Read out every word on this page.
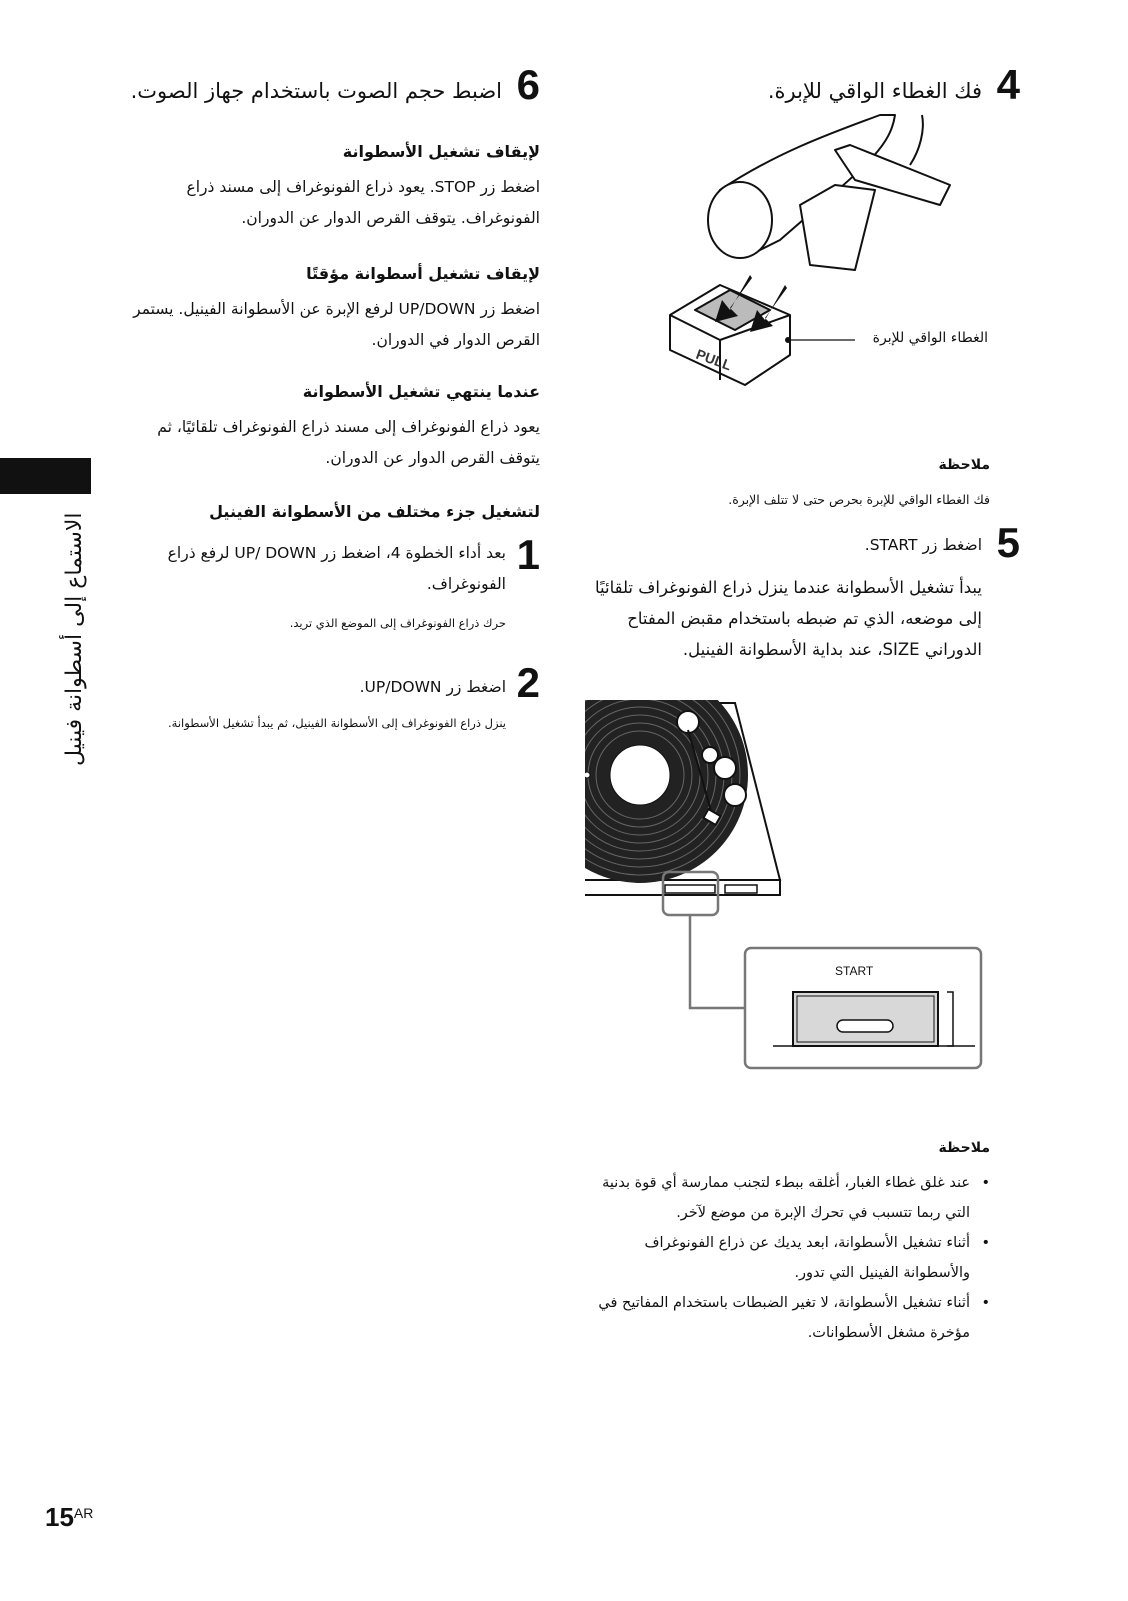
الاستماع إلى أسطوانة فينيل
6
اضبط حجم الصوت باستخدام جهاز الصوت.
لإيقاف تشغيل الأسطوانة
اضغط زر STOP. يعود ذراع الفونوغراف إلى مسند ذراع
الفونوغراف. يتوقف القرص الدوار عن الدوران.
لإيقاف تشغيل أسطوانة مؤقتًا
اضغط زر UP/DOWN لرفع الإبرة عن الأسطوانة الفينيل. يستمر
القرص الدوار في الدوران.
عندما ينتهي تشغيل الأسطوانة
يعود ذراع الفونوغراف إلى مسند ذراع الفونوغراف تلقائيًا، ثم
يتوقف القرص الدوار عن الدوران.
لتشغيل جزء مختلف من الأسطوانة الفينيل
1
بعد أداء الخطوة 4، اضغط زر UP/ DOWN لرفع ذراع
الفونوغراف.
حرك ذراع الفونوغراف إلى الموضع الذي تريد.
2
اضغط زر UP/DOWN.
ينزل ذراع الفونوغراف إلى الأسطوانة الفينيل، ثم يبدأ تشغيل الأسطوانة.
4
فك الغطاء الواقي للإبرة.
PULL
الغطاء الواقي للإبرة
ملاحظة
فك الغطاء الواقي للإبرة بحرص حتى لا تتلف الإبرة.
5
اضغط زر START.
يبدأ تشغيل الأسطوانة عندما ينزل ذراع الفونوغراف تلقائيًا
إلى موضعه، الذي تم ضبطه باستخدام مقبض المفتاح
الدوراني SIZE، عند بداية الأسطوانة الفينيل.
START
ملاحظة
• عند غلق غطاء الغبار، أغلقه ببطء لتجنب ممارسة أي قوة بدنية
التي ربما تتسبب في تحرك الإبرة من موضع لآخر.
• أثناء تشغيل الأسطوانة، ابعد يديك عن ذراع الفونوغراف
والأسطوانة الفينيل التي تدور.
• أثناء تشغيل الأسطوانة، لا تغير الضبطات باستخدام المفاتيح في
مؤخرة مشغل الأسطوانات.
$15^{AR}$
